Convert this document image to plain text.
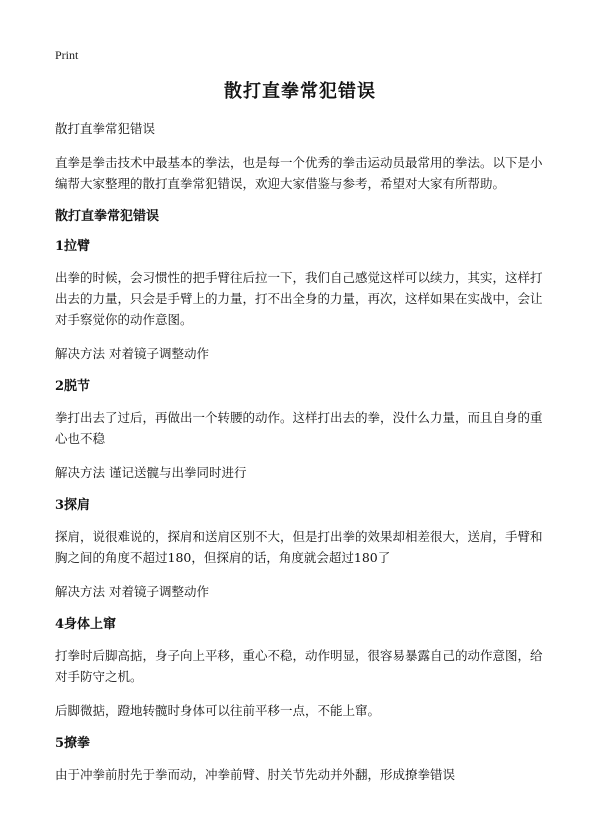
Print
散打直拳常犯错误

散打直拳常犯错误

直拳是拳击技术中最基本的拳法，也是每一个优秀的拳击运动员最常用的拳法。以下是小编帮大家整理的散打直拳常犯错误，欢迎大家借鉴与参考，希望对大家有所帮助。

散打直拳常犯错误
1拉臂

出拳的时候，会习惯性的把手臂往后拉一下，我们自己感觉这样可以续力，其实，这样打出去的力量，只会是手臂上的力量，打不出全身的力量，再次，这样如果在实战中，会让对手察觉你的动作意图。

解决方法 对着镜子调整动作

2脱节

拳打出去了过后，再做出一个转腰的动作。这样打出去的拳，没什么力量，而且自身的重心也不稳

解决方法 谨记送髋与出拳同时进行

3探肩

探肩，说很难说的，探肩和送肩区别不大，但是打出拳的效果却相差很大，送肩，手臂和胸之间的角度不超过180，但探肩的话，角度就会超过180了

解决方法 对着镜子调整动作

4身体上窜

打拳时后脚高掂，身子向上平移，重心不稳，动作明显，很容易暴露自己的动作意图，给对手防守之机。

后脚微掂，蹬地转髋时身体可以往前平移一点，不能上窜。

5撩拳

由于冲拳前肘先于拳而动，冲拳前臂、肘关节先动并外翻，形成撩拳错误
